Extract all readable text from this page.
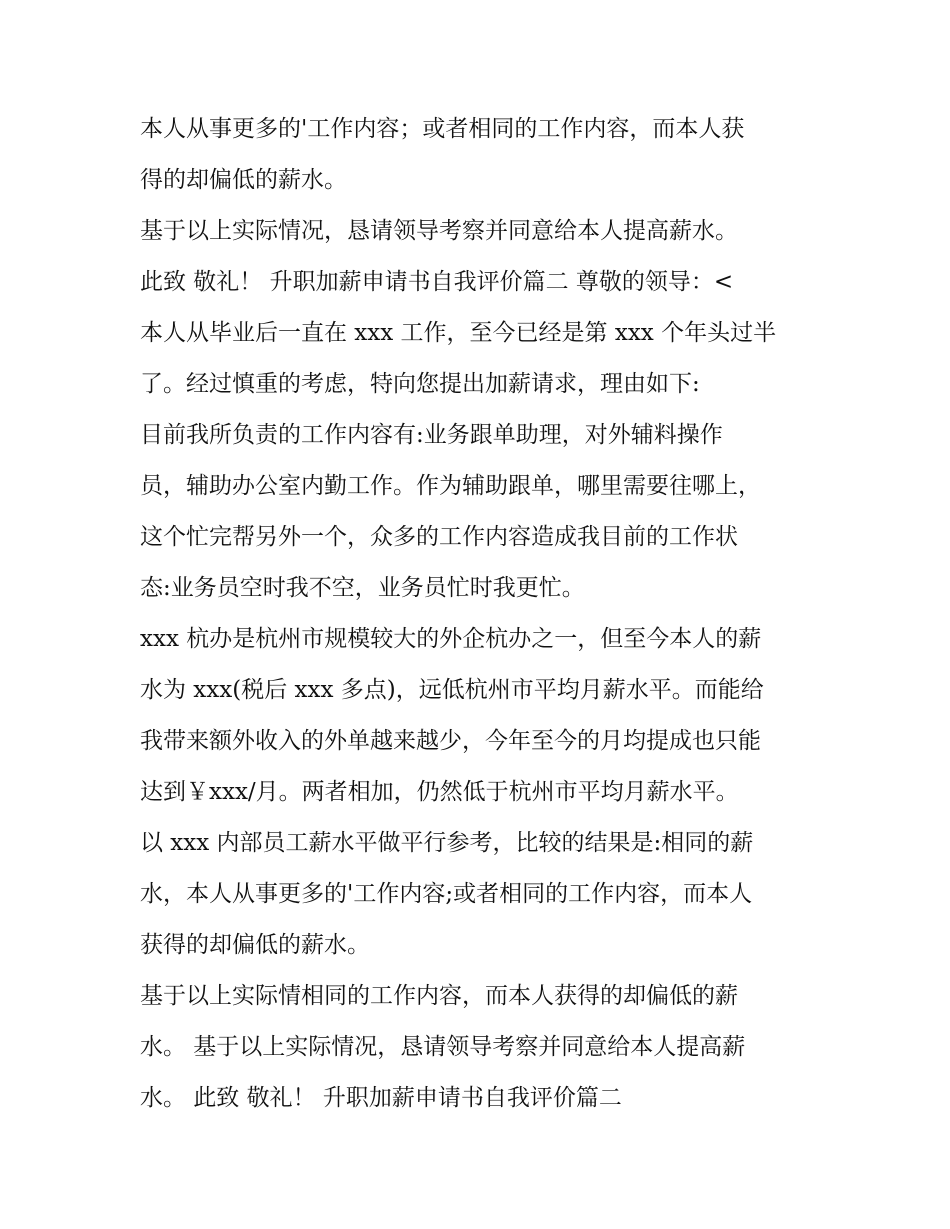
本人从事更多的'工作内容；或者相同的工作内容，而本人获
得的却偏低的薪水。
基于以上实际情况，恳请领导考察并同意给本人提高薪水。
此致 敬礼！ 升职加薪申请书自我评价篇二 尊敬的领导：<
本人从毕业后一直在 xxx 工作，至今已经是第 xxx 个年头过半
了。经过慎重的考虑，特向您提出加薪请求，理由如下:
目前我所负责的工作内容有:业务跟单助理，对外辅料操作
员，辅助办公室内勤工作。作为辅助跟单，哪里需要往哪上，
这个忙完帮另外一个，众多的工作内容造成我目前的工作状
态:业务员空时我不空，业务员忙时我更忙。
xxx 杭办是杭州市规模较大的外企杭办之一，但至今本人的薪
水为 xxx(税后 xxx 多点)，远低杭州市平均月薪水平。而能给
我带来额外收入的外单越来越少，今年至今的月均提成也只能
达到￥xxx/月。两者相加，仍然低于杭州市平均月薪水平。
以 xxx 内部员工薪水平做平行参考，比较的结果是:相同的薪
水，本人从事更多的'工作内容;或者相同的工作内容，而本人
获得的却偏低的薪水。
基于以上实际情相同的工作内容，而本人获得的却偏低的薪
水。 基于以上实际情况，恳请领导考察并同意给本人提高薪
水。 此致 敬礼！ 升职加薪申请书自我评价篇二
